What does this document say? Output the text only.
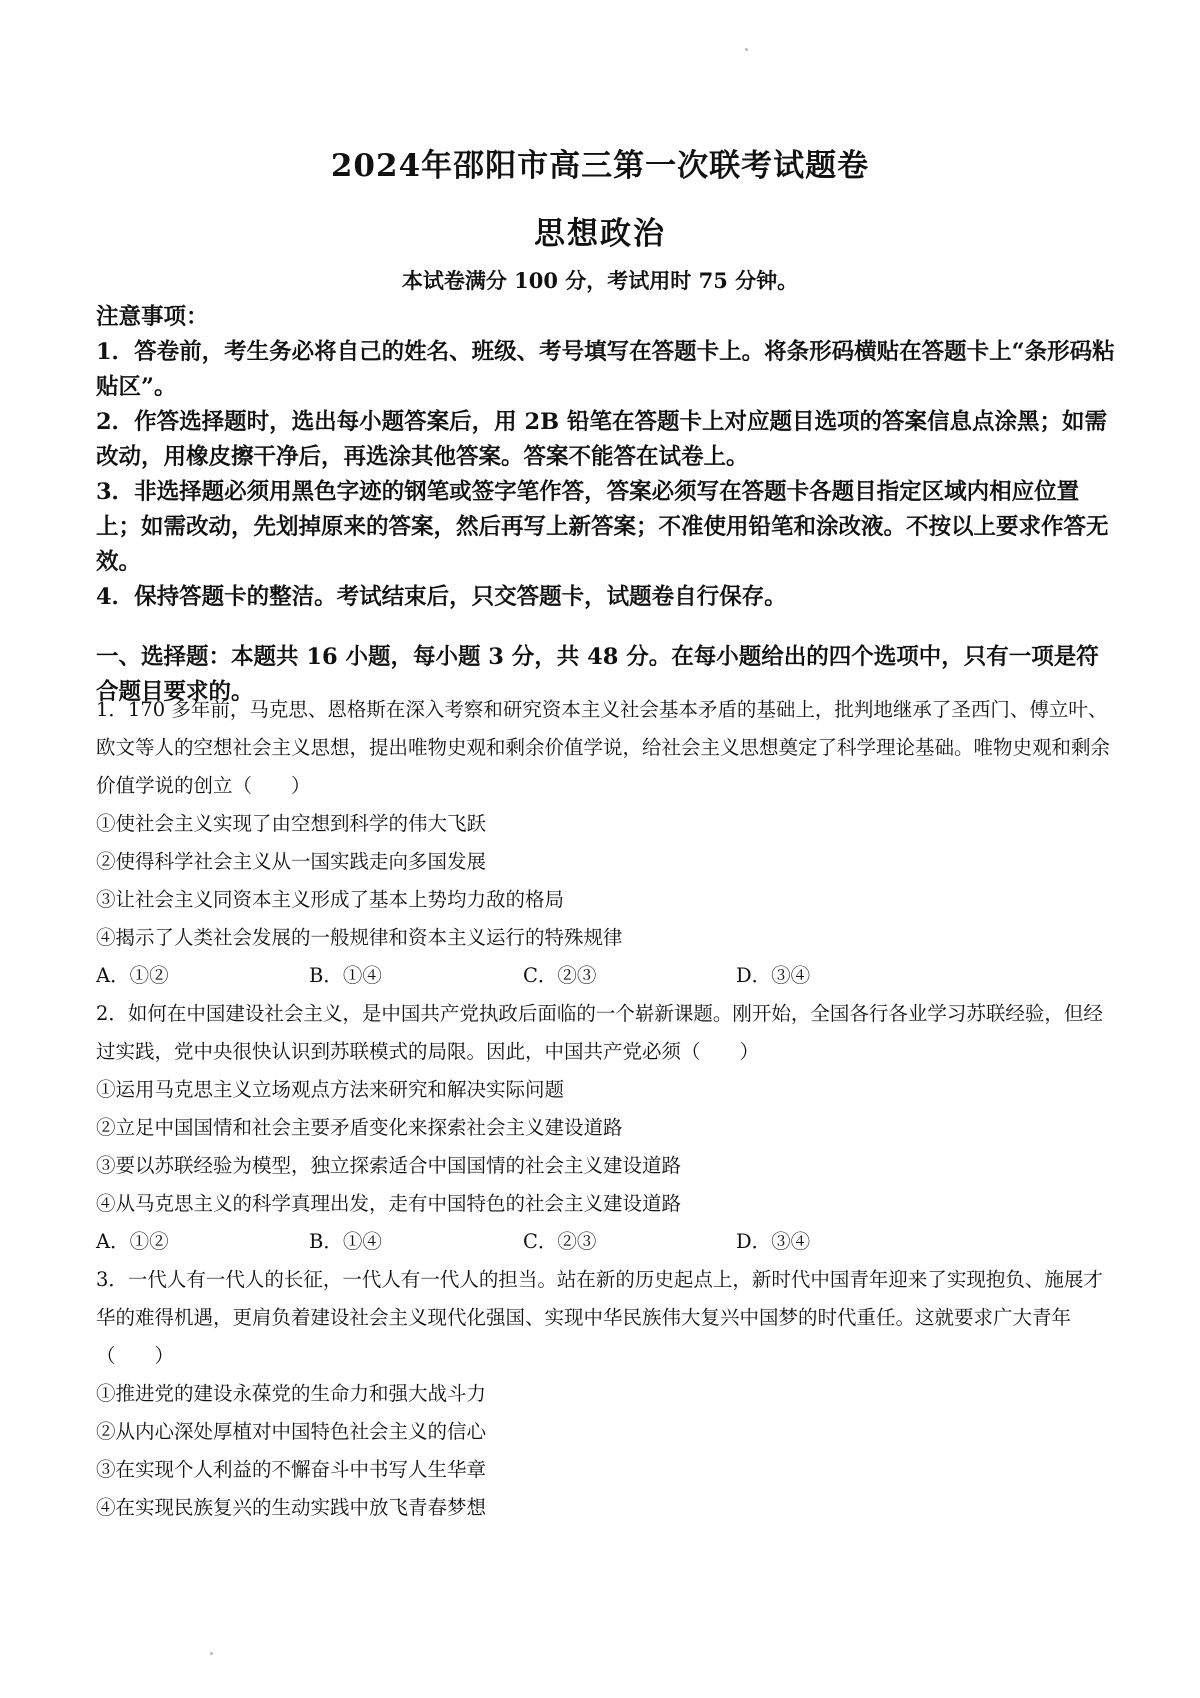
2024年邵阳市高三第一次联考试题卷
思想政治
本试卷满分 100 分，考试用时 75 分钟。

注意事项：

1．答卷前，考生务必将自己的姓名、班级、考号填写在答题卡上。将条形码横贴在答题卡上“条形码粘贴区”。

2．作答选择题时，选出每小题答案后，用 2B 铅笔在答题卡上对应题目选项的答案信息点涂黑；如需改动，用橡皮擦干净后，再选涂其他答案。答案不能答在试卷上。

3．非选择题必须用黑色字迹的钢笔或签字笔作答，答案必须写在答题卡各题目指定区域内相应位置上；如需改动，先划掉原来的答案，然后再写上新答案；不准使用铅笔和涂改液。不按以上要求作答无效。

4．保持答题卡的整洁。考试结束后，只交答题卡，试题卷自行保存。

一、选择题：本题共 16 小题，每小题 3 分，共 48 分。在每小题给出的四个选项中，只有一项是符合题目要求的。

1．170 多年前，马克思、恩格斯在深入考察和研究资本主义社会基本矛盾的基础上，批判地继承了圣西门、傅立叶、欧文等人的空想社会主义思想，提出唯物史观和剩余价值学说，给社会主义思想奠定了科学理论基础。唯物史观和剩余价值学说的创立（　　）

①使社会主义实现了由空想到科学的伟大飞跃

②使得科学社会主义从一国实践走向多国发展

③让社会主义同资本主义形成了基本上势均力敌的格局

④揭示了人类社会发展的一般规律和资本主义运行的特殊规律

A．①②	B．①④	C．②③	D．③④

2．如何在中国建设社会主义，是中国共产党执政后面临的一个崭新课题。刚开始，全国各行各业学习苏联经验，但经过实践，党中央很快认识到苏联模式的局限。因此，中国共产党必须（　　）

①运用马克思主义立场观点方法来研究和解决实际问题

②立足中国国情和社会主要矛盾变化来探索社会主义建设道路

③要以苏联经验为模型，独立探索适合中国国情的社会主义建设道路

④从马克思主义的科学真理出发，走有中国特色的社会主义建设道路

A．①②	B．①④	C．②③	D．③④

3．一代人有一代人的长征，一代人有一代人的担当。站在新的历史起点上，新时代中国青年迎来了实现抱负、施展才华的难得机遇，更肩负着建设社会主义现代化强国、实现中华民族伟大复兴中国梦的时代重任。这就要求广大青年（　　）

①推进党的建设永葆党的生命力和强大战斗力

②从内心深处厚植对中国特色社会主义的信心

③在实现个人利益的不懈奋斗中书写人生华章

④在实现民族复兴的生动实践中放飞青春梦想
